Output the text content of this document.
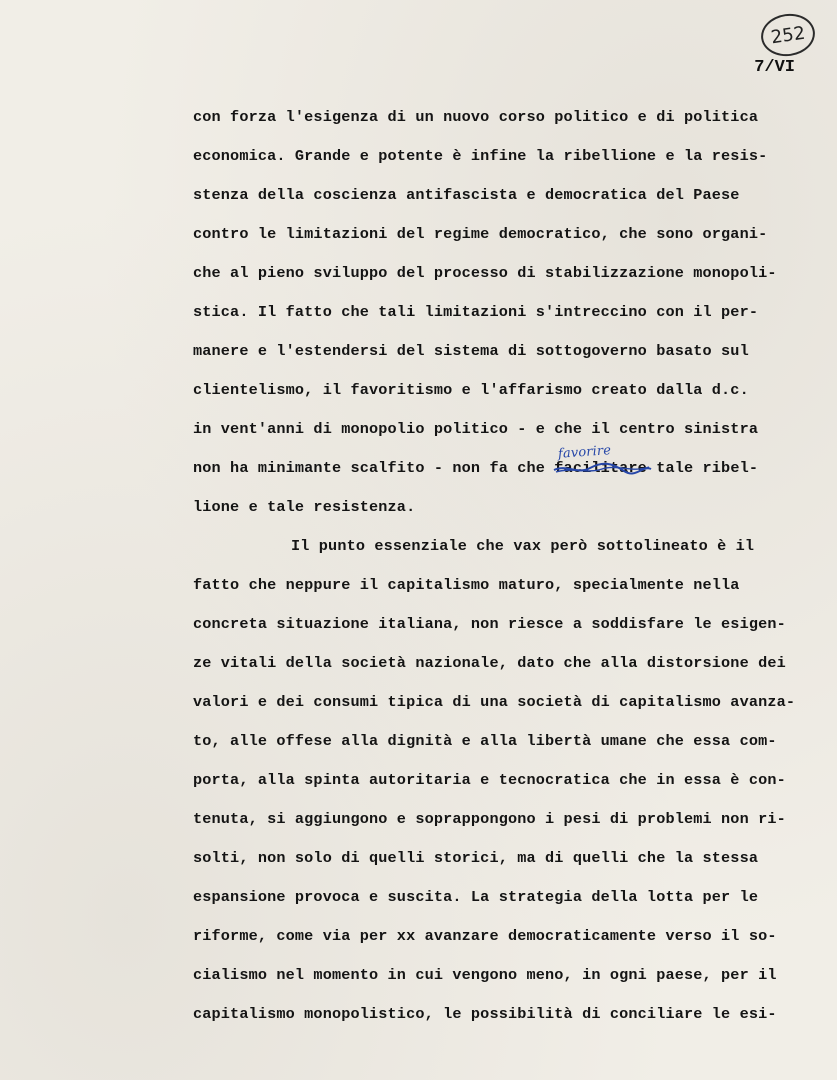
252
7/VI
con forza l'esigenza di un nuovo corso politico e di politica
economica. Grande e potente è infine la ribellione e la resis-
stenza della coscienza antifascista e democratica del Paese
contro le limitazioni del regime democratico, che sono organi-
che al pieno sviluppo del processo di stabilizzazione monopoli-
stica. Il fatto che tali limitazioni s'intreccino con il per-
manere e l'estendersi del sistema di sottogoverno basato sul
clientelismo, il favoritismo e l'affarismo creato dalla d.c.
in vent'anni di monopolio politico - e che il centro sinistra
non ha minimante scalfito - non fa che facilitare
favorire
tale ribel-
lione e tale resistenza.
Il punto essenziale che vax però sottolineato è il
fatto che neppure il capitalismo maturo, specialmente nella
concreta situazione italiana, non riesce a soddisfare le esigen-
ze vitali della società nazionale, dato che alla distorsione dei
valori e dei consumi tipica di una società di capitalismo avanza-
to, alle offese alla dignità e alla libertà umane che essa com-
porta, alla spinta autoritaria e tecnocratica che in essa è con-
tenuta, si aggiungono e soprappongono i pesi di problemi non ri-
solti, non solo di quelli storici, ma di quelli che la stessa
espansione provoca e suscita. La strategia della lotta per le
riforme, come via per xx avanzare democraticamente verso il so-
cialismo nel momento in cui vengono meno, in ogni paese, per il
capitalismo monopolistico, le possibilità di conciliare le esi-
